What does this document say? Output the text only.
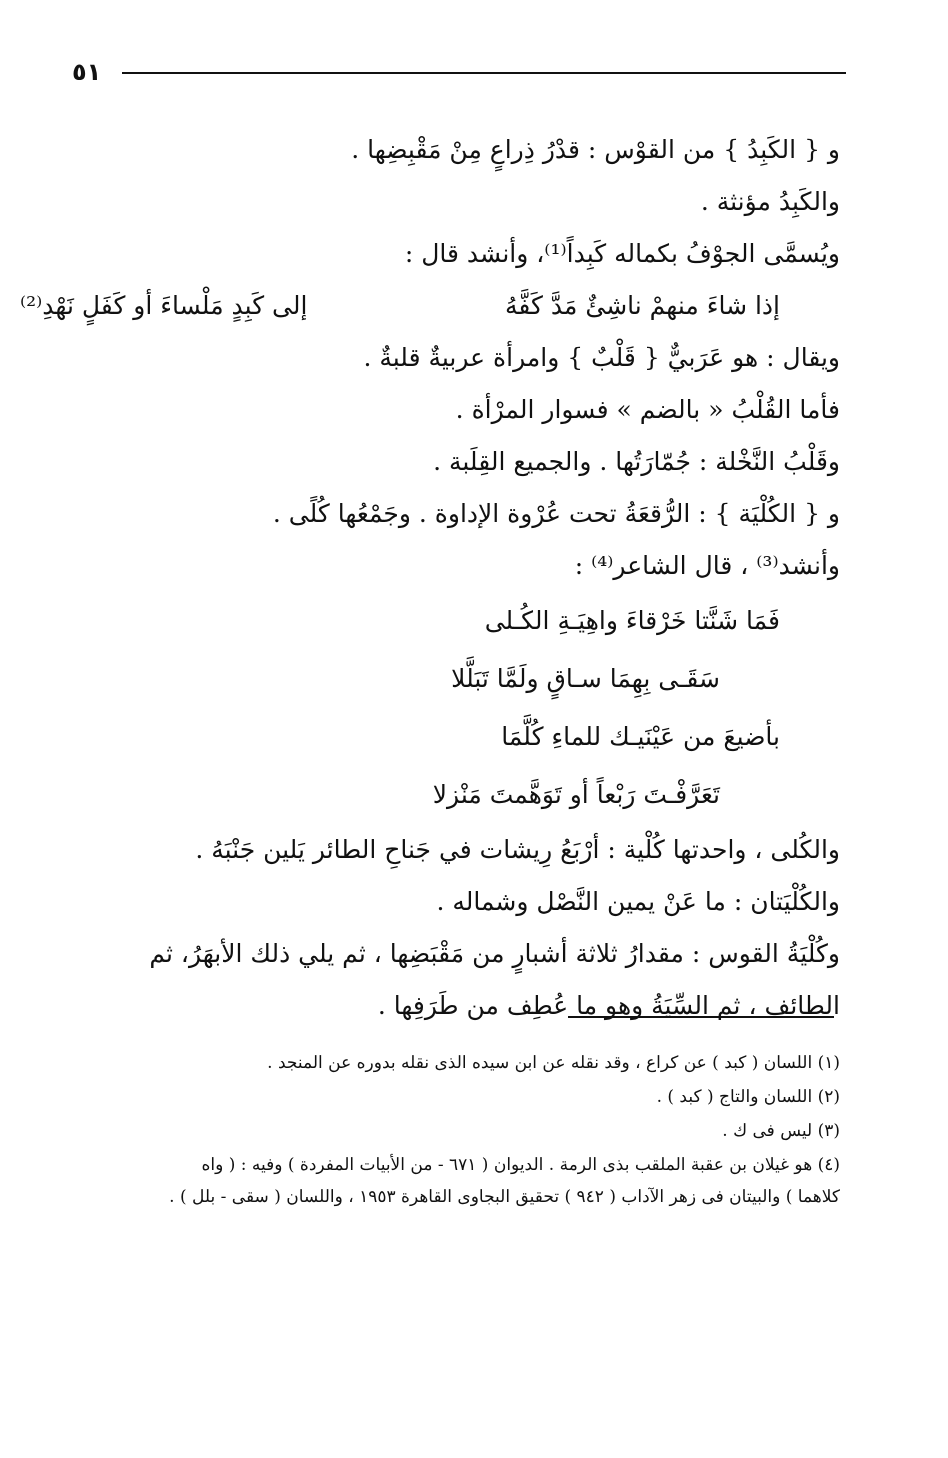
٥١
و { الكَبِدُ } من القوْس : قدْرُ ذِراعٍ مِنْ مَقْبِضِها .
والكَبِدُ مؤنثة .
ويُسمَّى الجوْفُ بكماله كَبِداً⁽¹⁾، وأنشد قال :
إذا شاءَ منهمْ ناشِئٌ مَدَّ كَفَّهُ
إلى كَبِدٍ مَلْساءَ أو كَفَلٍ نَهْدِ⁽²⁾
ويقال : هو عَرَبيٌّ { قَلْبٌ } وامرأة عربيةٌ قلبةٌ .
فأما القُلْبُ « بالضم » فسوار المرْأة .
وقَلْبُ النَّخْلة : جُمّارَتُها . والجميع القِلَبة .
و { الكُلْيَة } : الرُّقعَةُ تحت عُرْوة الإداوة . وجَمْعُها كُلًى .
وأنشد⁽³⁾ ، قال الشاعر⁽⁴⁾ :
فَمَا شَنَّتا خَرْقاءَ واهِيَـةِ الكُـلى
سَقَـى بِهِمَا سـاقٍ ولَمَّا تَبَلَّلا
بأضيعَ من عَيْنَيـك للماءِ كُلَّمَا
تَعَرَّفْـتَ رَبْعاً أو تَوَهَّمتَ مَنْزلا
والكُلى ، واحدتها كُلْية : أرْبَعُ رِيشات في جَناحِ الطائر يَلين جَنْبَهُ .
والكُلْيَتان : ما عَنْ يمين النَّصْل وشماله .
وكُلْيَةُ القوس : مقدارُ ثلاثة أشبارٍ من مَقْبَضِها ، ثم يلي ذلك الأبهَرُ، ثم
الطائف ، ثم السِّيَةُ وهو ما عُطِف من طَرَفِها .
(١) اللسان ( كبد ) عن كراع ، وقد نقله عن ابن سيده الذى نقله بدوره عن المنجد .
(٢) اللسان والتاج ( كبد ) .
(٣) ليس فى ك .
(٤) هو غيلان بن عقبة الملقب بذى الرمة . الديوان ( ٦٧١ - من الأبيات المفردة ) وفيه : ( واه
كلاهما ) والبيتان فى زهر الآداب ( ٩٤٢ ) تحقيق البجاوى القاهرة ١٩٥٣ ، واللسان ( سقى - بلل ) .
